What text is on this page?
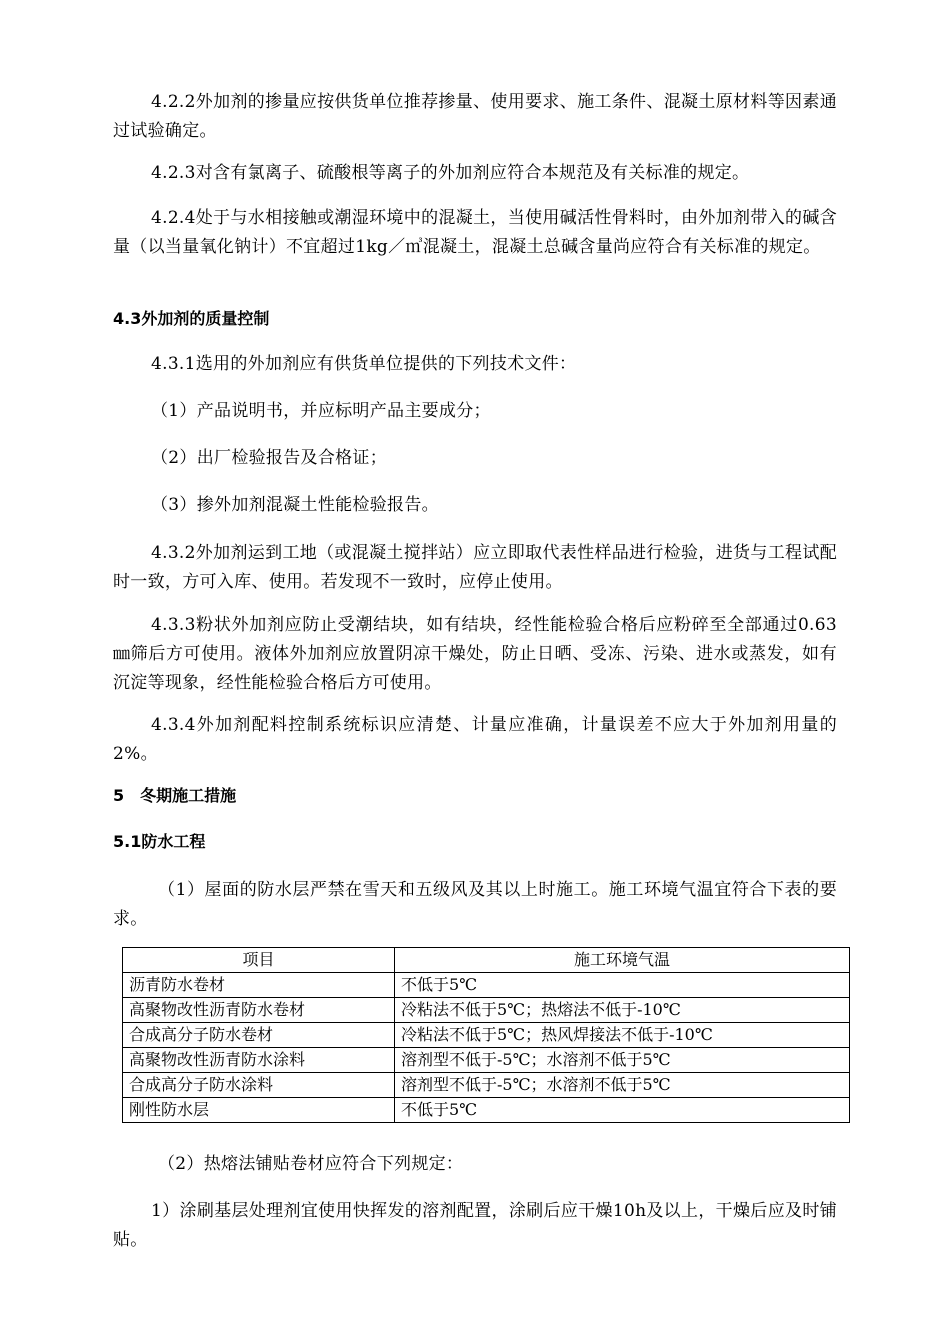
4.2.2外加剂的掺量应按供货单位推荐掺量、使用要求、施工条件、混凝土原材料等因素通过试验确定。
4.2.3对含有氯离子、硫酸根等离子的外加剂应符合本规范及有关标准的规定。
4.2.4处于与水相接触或潮湿环境中的混凝土，当使用碱活性骨料时，由外加剂带入的碱含量（以当量氧化钠计）不宜超过1kg／㎥混凝土，混凝土总碱含量尚应符合有关标准的规定。
4.3外加剂的质量控制
4.3.1选用的外加剂应有供货单位提供的下列技术文件：
（1）产品说明书，并应标明产品主要成分；
（2）出厂检验报告及合格证；
（3）掺外加剂混凝土性能检验报告。
4.3.2外加剂运到工地（或混凝土搅拌站）应立即取代表性样品进行检验，进货与工程试配时一致，方可入库、使用。若发现不一致时，应停止使用。
4.3.3粉状外加剂应防止受潮结块，如有结块，经性能检验合格后应粉碎至全部通过0.63㎜筛后方可使用。液体外加剂应放置阴凉干燥处，防止日晒、受冻、污染、进水或蒸发，如有沉淀等现象，经性能检验合格后方可使用。
4.3.4外加剂配料控制系统标识应清楚、计量应准确，计量误差不应大于外加剂用量的2%。
5　冬期施工措施
5.1防水工程
（1）屋面的防水层严禁在雪天和五级风及其以上时施工。施工环境气温宜符合下表的要求。
项目	施工环境气温
沥青防水卷材	不低于5℃
高聚物改性沥青防水卷材	冷粘法不低于5℃；热熔法不低于-10℃
合成高分子防水卷材	冷粘法不低于5℃；热风焊接法不低于-10℃
高聚物改性沥青防水涂料	溶剂型不低于-5℃；水溶剂不低于5℃
合成高分子防水涂料	溶剂型不低于-5℃；水溶剂不低于5℃
刚性防水层	不低于5℃
（2）热熔法铺贴卷材应符合下列规定：
1）涂刷基层处理剂宜使用快挥发的溶剂配置，涂刷后应干燥10h及以上，干燥后应及时铺贴。
